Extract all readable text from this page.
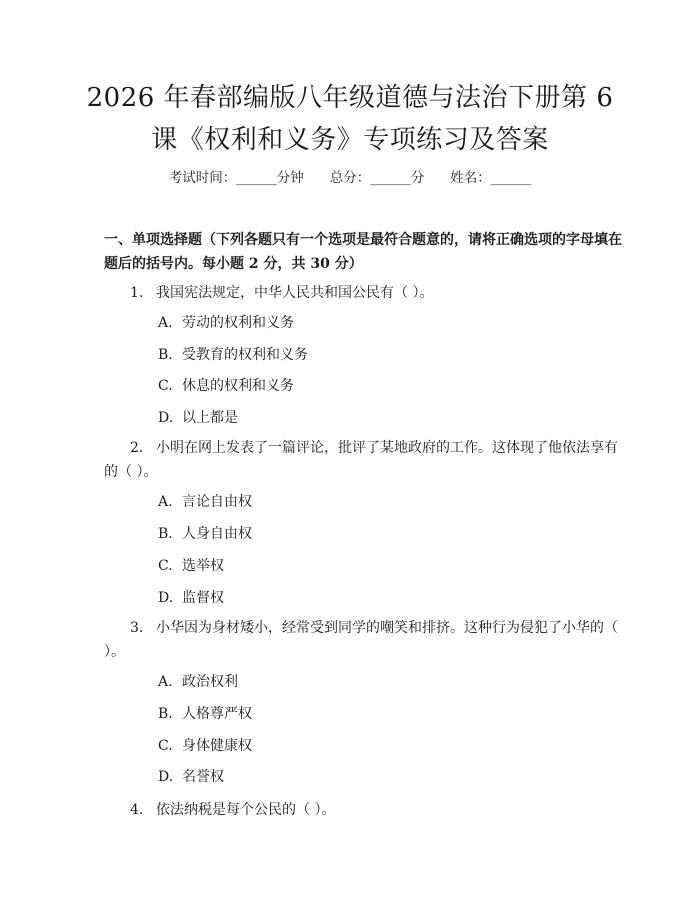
2026 年春部编版八年级道德与法治下册第 6
课《权利和义务》专项练习及答案
考试时间：______分钟 总分：______分 姓名：______
一、单项选择题（下列各题只有一个选项是最符合题意的，请将正确选项的字母填在题后的括号内。每小题 2 分，共 30 分）
1. 我国宪法规定，中华人民共和国公民有（ ）。
A. 劳动的权利和义务
B. 受教育的权利和义务
C. 休息的权利和义务
D. 以上都是
2. 小明在网上发表了一篇评论，批评了某地政府的工作。这体现了他依法享有的（ ）。
A. 言论自由权
B. 人身自由权
C. 选举权
D. 监督权
3. 小华因为身材矮小，经常受到同学的嘲笑和排挤。这种行为侵犯了小华的（ ）。
A. 政治权利
B. 人格尊严权
C. 身体健康权
D. 名誉权
4. 依法纳税是每个公民的（ ）。
